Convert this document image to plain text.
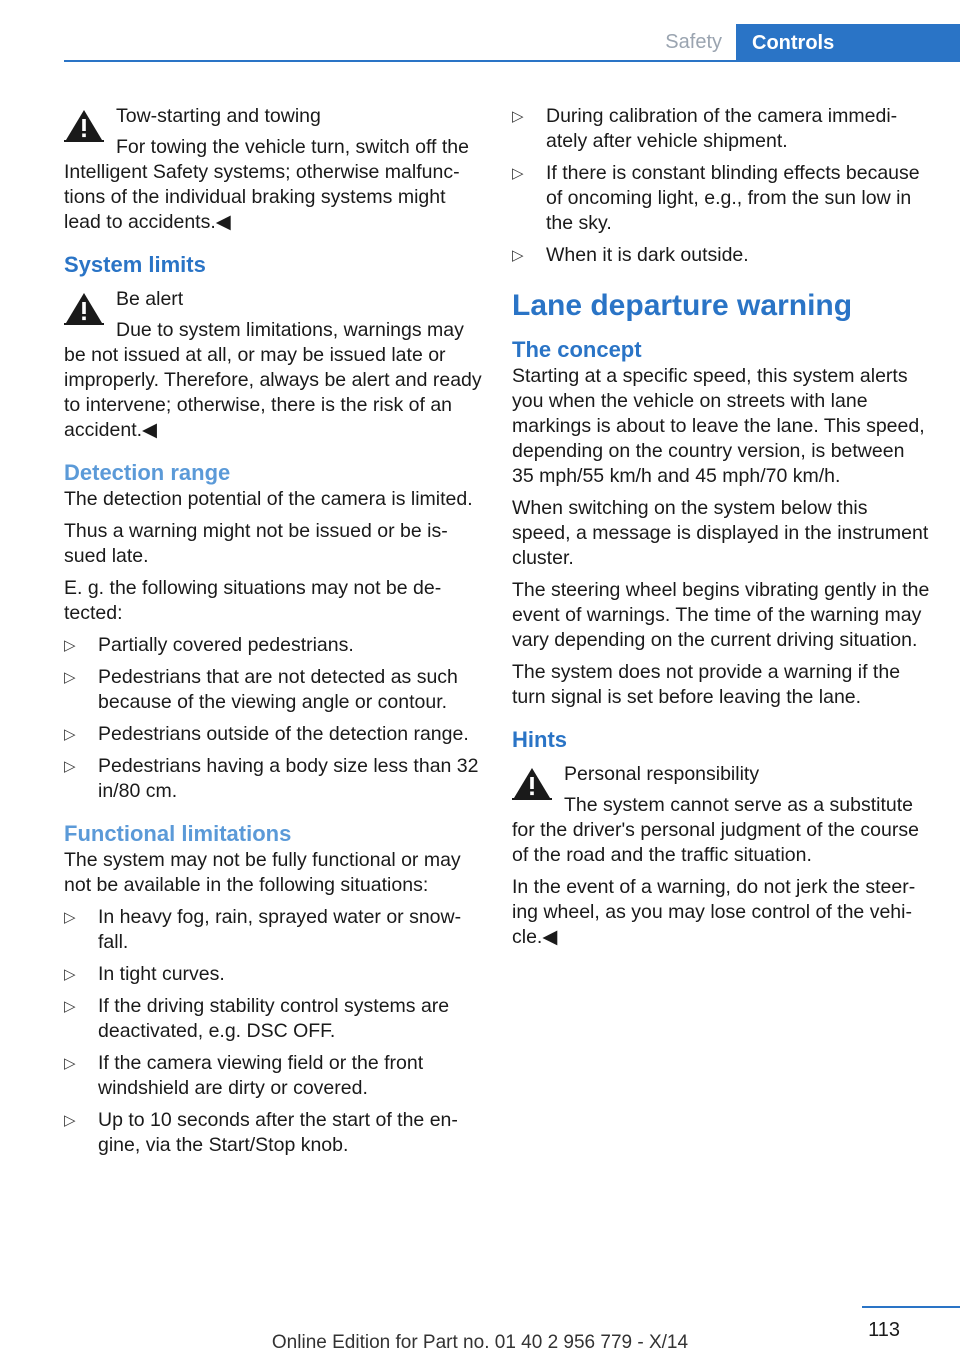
Safety	Controls
Tow-starting and towing

For towing the vehicle turn, switch off the Intelligent Safety systems; otherwise malfunctions of the individual braking systems might lead to accidents.◀

System limits
Be alert

Due to system limitations, warnings may be not issued at all, or may be issued late or improperly. Therefore, always be alert and ready to intervene; otherwise, there is the risk of an accident.◀

Detection range

The detection potential of the camera is limited.

Thus a warning might not be issued or be issued late.

E. g. the following situations may not be detected:

▷ Partially covered pedestrians.
▷ Pedestrians that are not detected as such because of the viewing angle or contour.
▷ Pedestrians outside of the detection range.
▷ Pedestrians having a body size less than 32 in/80 cm.
Functional limitations

The system may not be fully functional or may not be available in the following situations:

▷ In heavy fog, rain, sprayed water or snowfall.
▷ In tight curves.
▷ If the driving stability control systems are deactivated, e.g. DSC OFF.
▷ If the camera viewing field or the front windshield are dirty or covered.
▷ Up to 10 seconds after the start of the engine, via the Start/Stop knob.
▷ During calibration of the camera immediately after vehicle shipment.
▷ If there is constant blinding effects because of oncoming light, e.g., from the sun low in the sky.
▷ When it is dark outside.
Lane departure warning
The concept

Starting at a specific speed, this system alerts you when the vehicle on streets with lane markings is about to leave the lane. This speed, depending on the country version, is between 35 mph/55 km/h and 45 mph/70 km/h.

When switching on the system below this speed, a message is displayed in the instrument cluster.

The steering wheel begins vibrating gently in the event of warnings. The time of the warning may vary depending on the current driving situation.

The system does not provide a warning if the turn signal is set before leaving the lane.

Hints
Personal responsibility

The system cannot serve as a substitute for the driver's personal judgment of the course of the road and the traffic situation.

In the event of a warning, do not jerk the steering wheel, as you may lose control of the vehicle.◀

113
Online Edition for Part no. 01 40 2 956 779 - X/14
